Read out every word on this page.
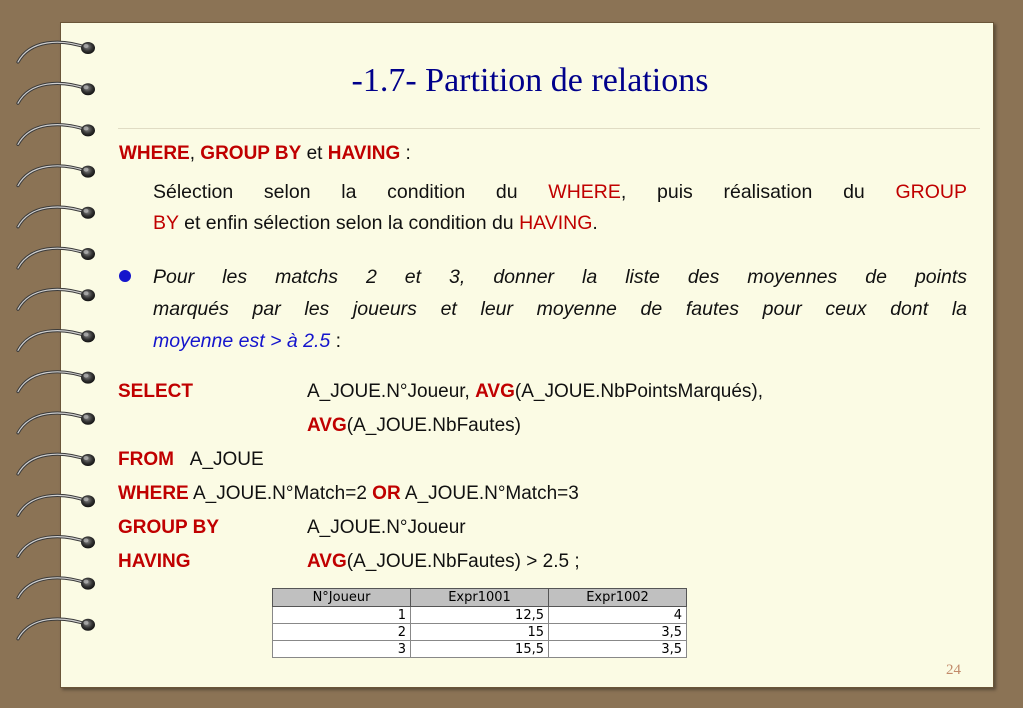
-1.7- Partition de relations
WHERE, GROUP BY et HAVING :
Sélection selon la condition du WHERE, puis réalisation du GROUP
BY et enfin sélection selon la condition du HAVING.
Pour les matchs 2 et 3, donner la liste des moyennes de points
marqués par les joueurs et leur moyenne de fautes pour ceux dont la
moyenne est > à 2.5 :
SELECT	A_JOUE.N°Joueur, AVG(A_JOUE.NbPointsMarqués),
AVG(A_JOUE.NbFautes)
FROM A_JOUE
WHERE A_JOUE.N°Match=2 OR A_JOUE.N°Match=3
GROUP BY	A_JOUE.N°Joueur
HAVING	AVG(A_JOUE.NbFautes) > 2.5 ;
N°Joueur	Expr1001	Expr1002
1	12,5	4
2	15	3,5
3	15,5	3,5
24
